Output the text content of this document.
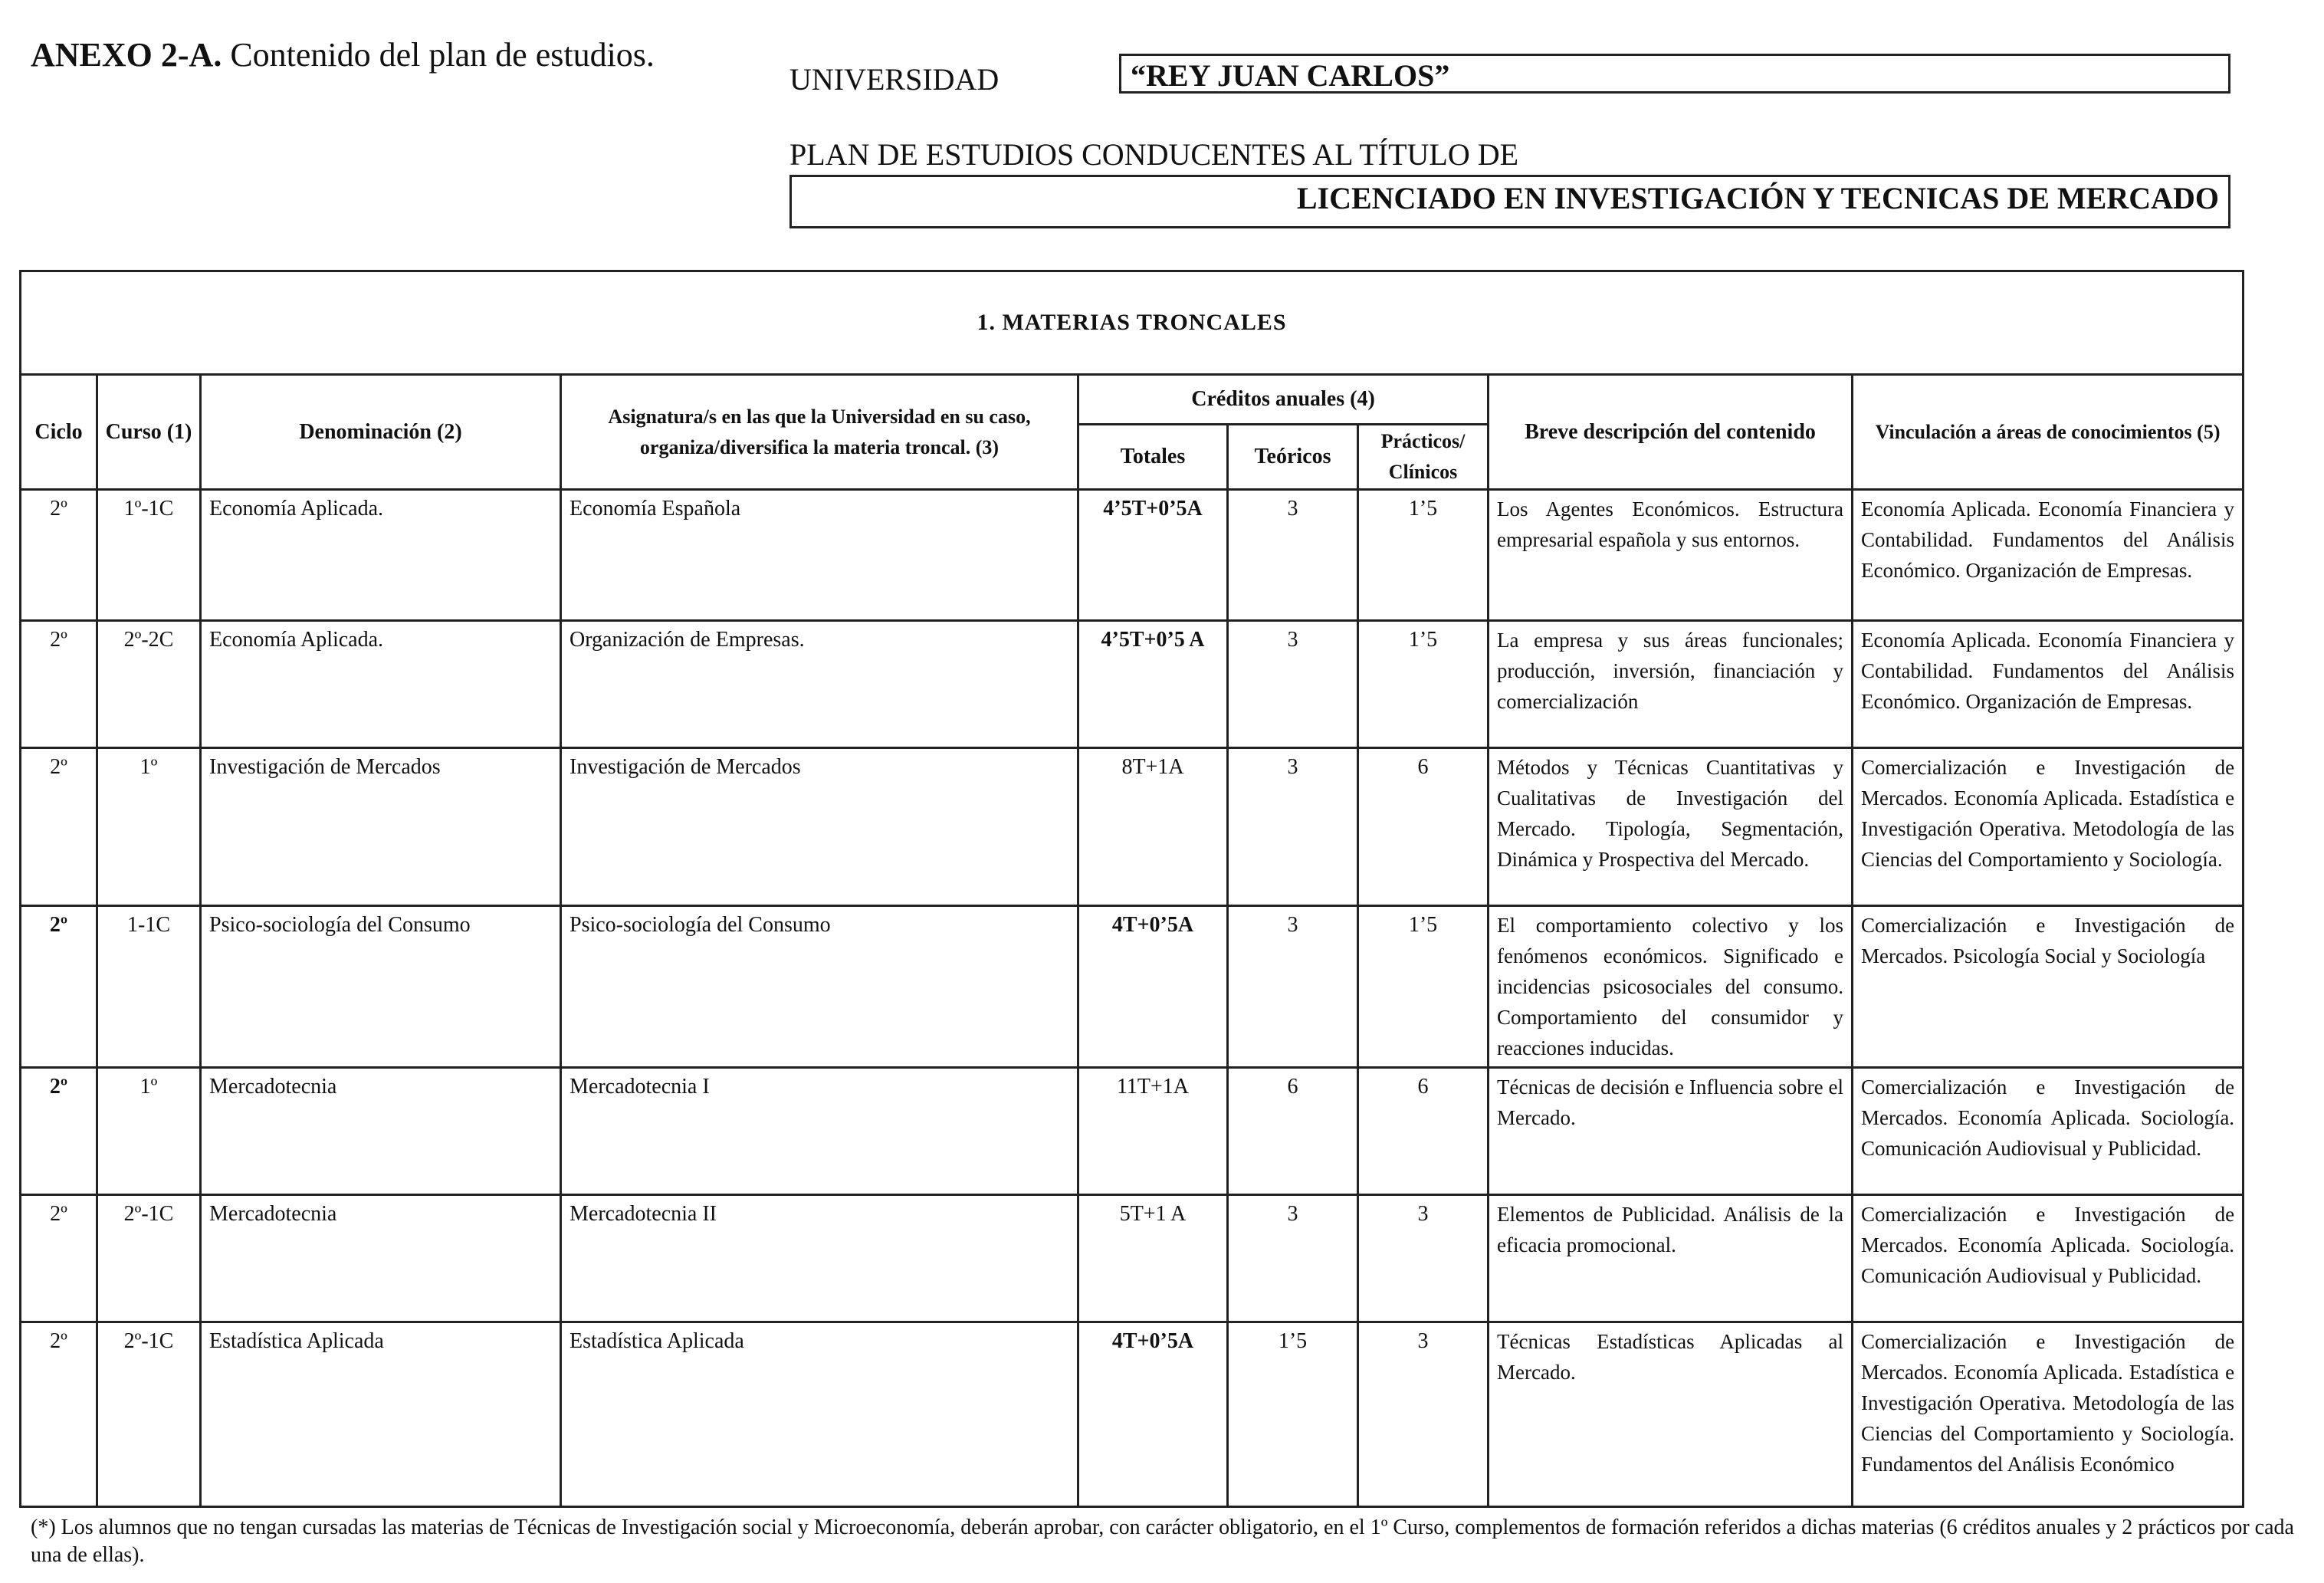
ANEXO 2-A. Contenido del plan de estudios.
UNIVERSIDAD	“REY JUAN CARLOS”
PLAN DE ESTUDIOS CONDUCENTES AL TÍTULO DE
LICENCIADO EN INVESTIGACIÓN Y TECNICAS DE MERCADO
1. MATERIAS TRONCALES								
Ciclo	Curso (1)	Denominación (2)	Asignatura/s en las que la Universidad en su caso, organiza/diversifica la materia troncal. (3)	Créditos anuales (4)			Breve descripción del contenido	Vinculación a áreas de conocimientos (5)
				Totales	Teóricos	Prácticos/ Clínicos		
2º	1º-1C	Economía Aplicada.	Economía Española	4’5T+0’5A	3	1’5	Los Agentes Económicos. Estructura empresarial española y sus entornos.	Economía Aplicada. Economía Financiera y Contabilidad. Fundamentos del Análisis Económico. Organización de Empresas.
2º	2º-2C	Economía Aplicada.	Organización de Empresas.	4’5T+0’5 A	3	1’5	La empresa y sus áreas funcionales; producción, inversión, financiación y comercialización	Economía Aplicada. Economía Financiera y Contabilidad. Fundamentos del Análisis Económico. Organización de Empresas.
2º	1º	Investigación de Mercados	Investigación de Mercados	8T+1A	3	6	Métodos y Técnicas Cuantitativas y Cualitativas de Investigación del Mercado. Tipología, Segmentación, Dinámica y Prospectiva del Mercado.	Comercialización e Investigación de Mercados. Economía Aplicada. Estadística e Investigación Operativa. Metodología de las Ciencias del Comportamiento y Sociología.
2º	1-1C	Psico-sociología del Consumo	Psico-sociología del Consumo	4T+0’5A	3	1’5	El comportamiento colectivo y los fenómenos económicos. Significado e incidencias psicosociales del consumo. Comportamiento del consumidor y reacciones inducidas.	Comercialización e Investigación de Mercados. Psicología Social y Sociología
2º	1º	Mercadotecnia	Mercadotecnia I	11T+1A	6	6	Técnicas de decisión e Influencia sobre el Mercado.	Comercialización e Investigación de Mercados. Economía Aplicada. Sociología. Comunicación Audiovisual y Publicidad.
2º	2º-1C	Mercadotecnia	Mercadotecnia II	5T+1 A	3	3	Elementos de Publicidad. Análisis de la eficacia promocional.	Comercialización e Investigación de Mercados. Economía Aplicada. Sociología. Comunicación Audiovisual y Publicidad.
2º	2º-1C	Estadística Aplicada	Estadística Aplicada	4T+0’5A	1’5	3	Técnicas Estadísticas Aplicadas al Mercado.	Comercialización e Investigación de Mercados. Economía Aplicada. Estadística e Investigación Operativa. Metodología de las Ciencias del Comportamiento y Sociología. Fundamentos del Análisis Económico
(*) Los alumnos que no tengan cursadas las materias de Técnicas de Investigación social y Microeconomía, deberán aprobar, con carácter obligatorio, en el 1º Curso, complementos de formación referidos a dichas materias (6 créditos anuales y 2 prácticos por cada una de ellas).
